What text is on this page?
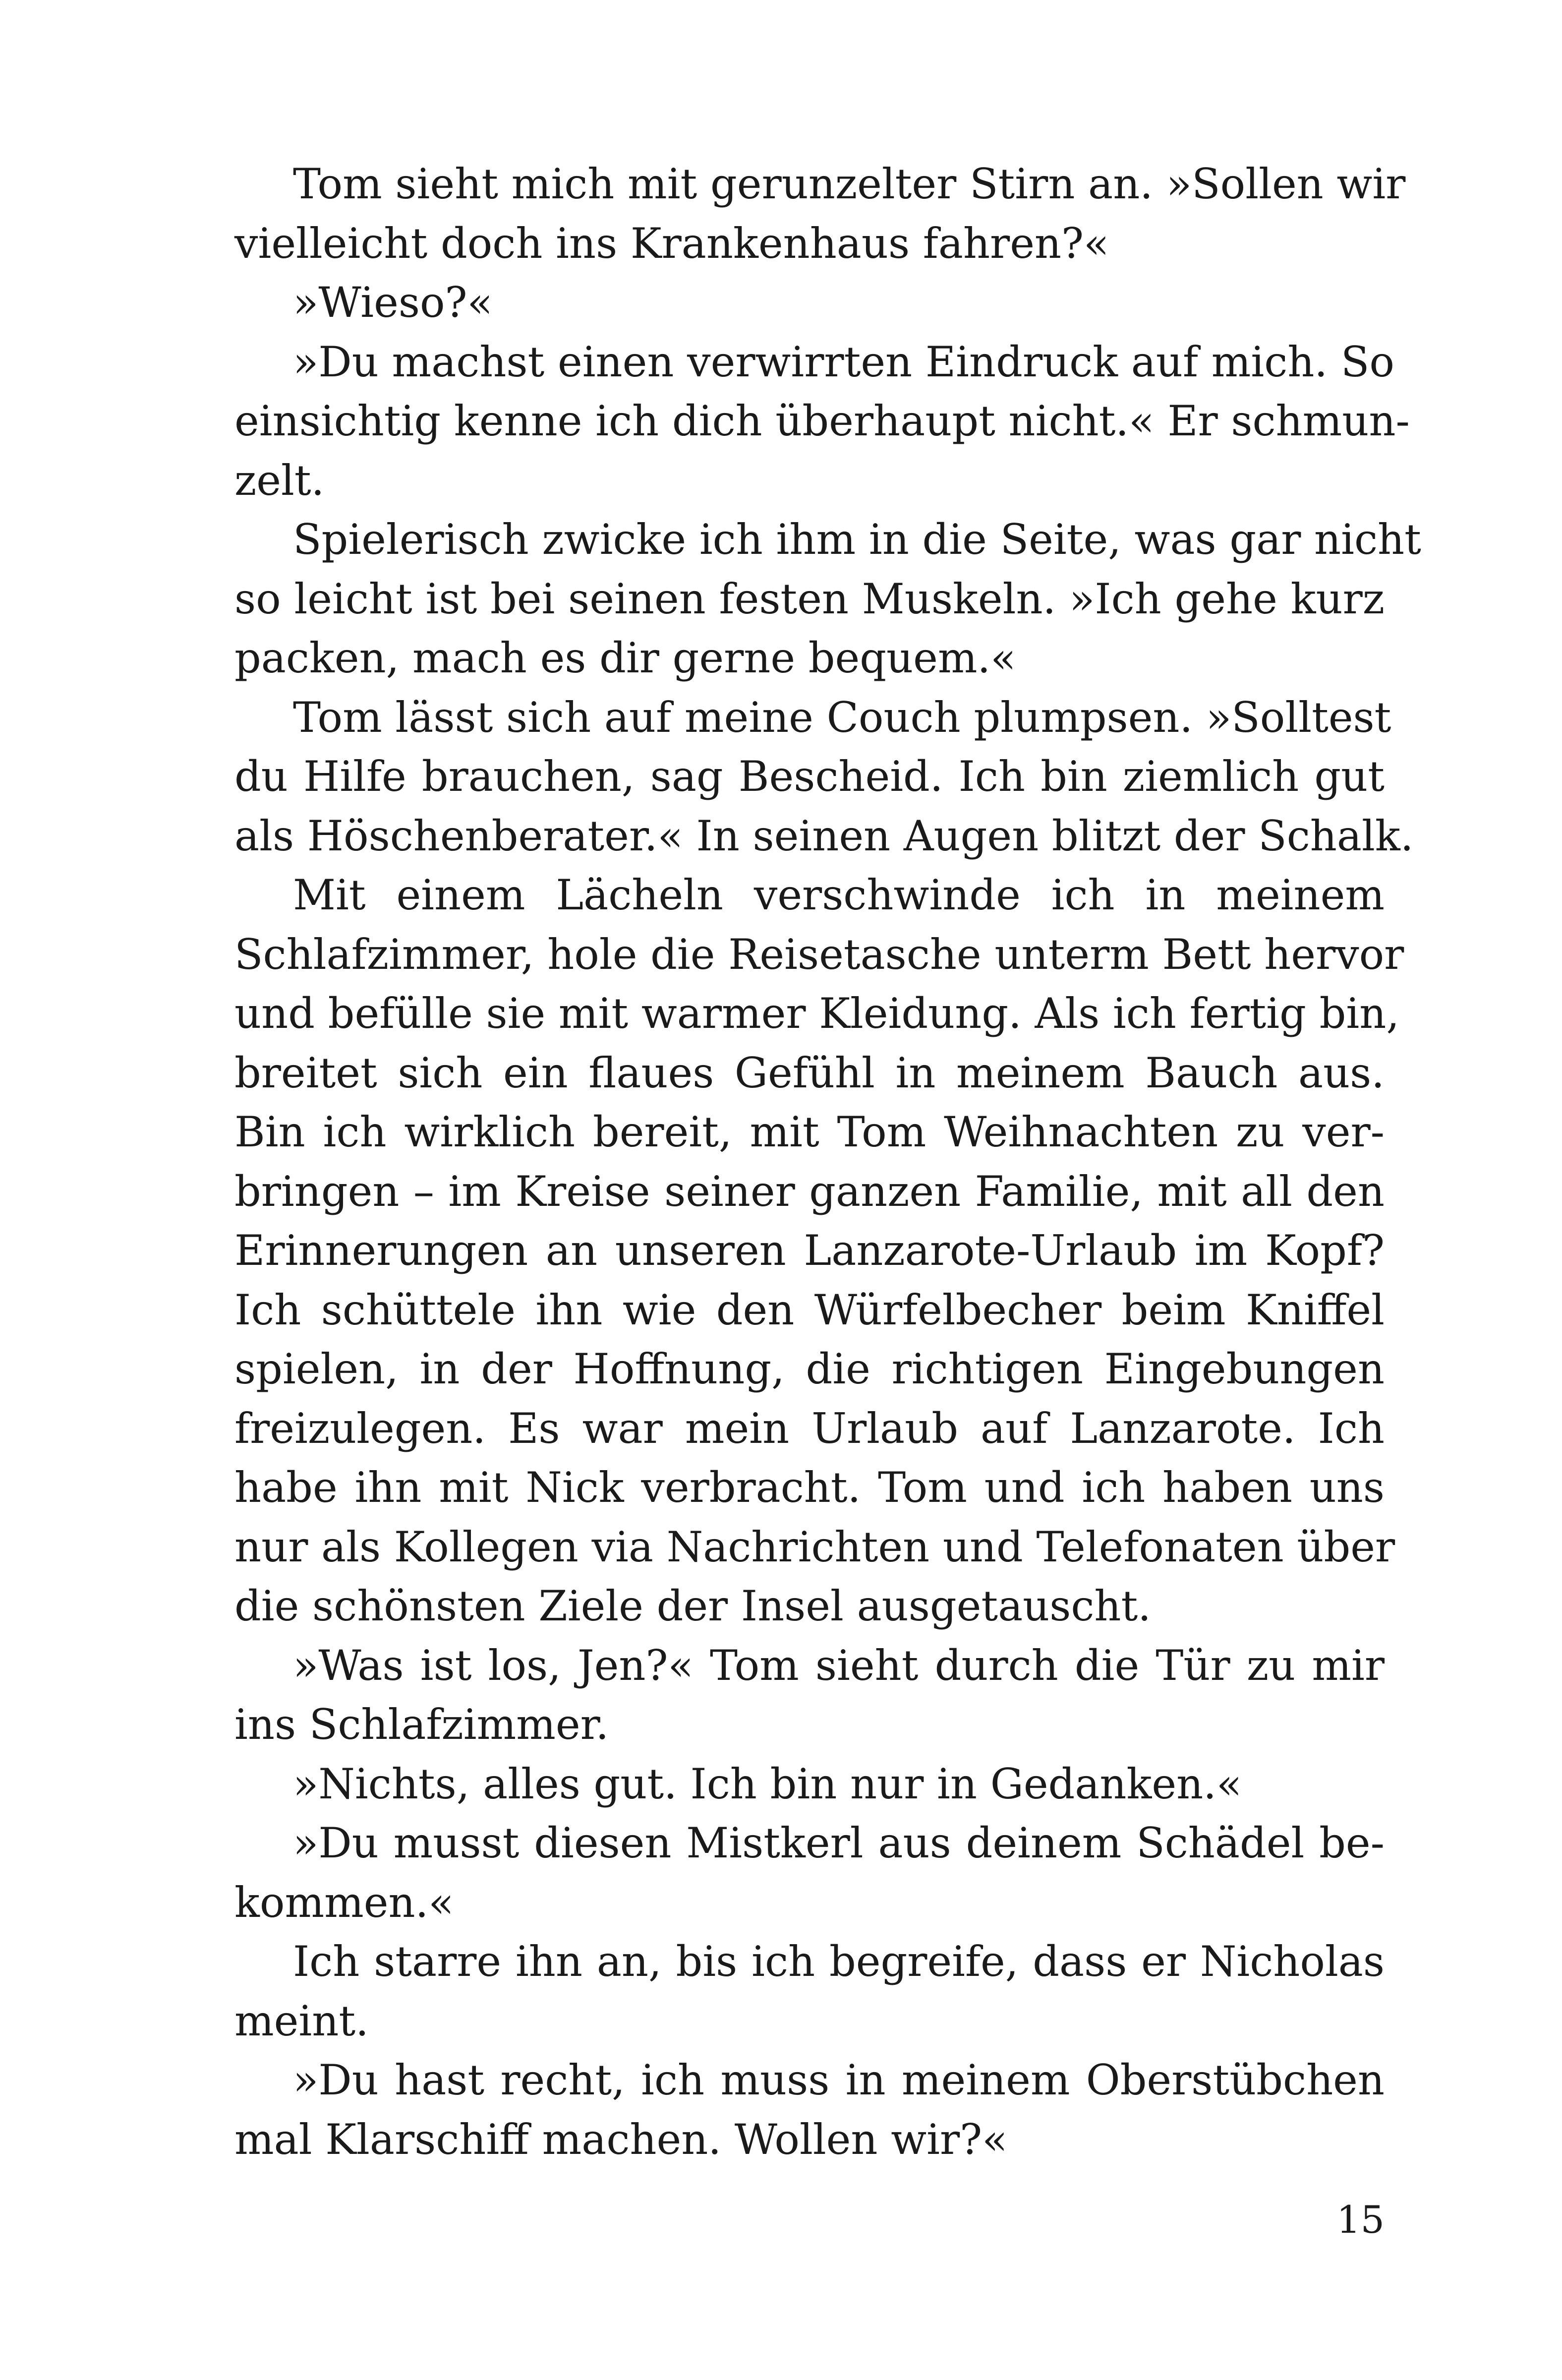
Tom sieht mich mit gerunzelter Stirn an. »Sollen wir
vielleicht doch ins Krankenhaus fahren?«
»Wieso?«
»Du machst einen verwirrten Eindruck auf mich. So
einsichtig kenne ich dich überhaupt nicht.« Er schmun-
zelt.
Spielerisch zwicke ich ihm in die Seite, was gar nicht
so leicht ist bei seinen festen Muskeln. »Ich gehe kurz
packen, mach es dir gerne bequem.«
Tom lässt sich auf meine Couch plumpsen. »Solltest
du Hilfe brauchen, sag Bescheid. Ich bin ziemlich gut
als Höschenberater.« In seinen Augen blitzt der Schalk.
Mit einem Lächeln verschwinde ich in meinem
Schlafzimmer, hole die Reisetasche unterm Bett hervor
und befülle sie mit warmer Kleidung. Als ich fertig bin,
breitet sich ein flaues Gefühl in meinem Bauch aus.
Bin ich wirklich bereit, mit Tom Weihnachten zu ver-
bringen – im Kreise seiner ganzen Familie, mit all den
Erinnerungen an unseren Lanzarote-Urlaub im Kopf?
Ich schüttele ihn wie den Würfelbecher beim Kniffel
spielen, in der Hoffnung, die richtigen Eingebungen
freizulegen. Es war mein Urlaub auf Lanzarote. Ich
habe ihn mit Nick verbracht. Tom und ich haben uns
nur als Kollegen via Nachrichten und Telefonaten über
die schönsten Ziele der Insel ausgetauscht.
»Was ist los, Jen?« Tom sieht durch die Tür zu mir
ins Schlafzimmer.
»Nichts, alles gut. Ich bin nur in Gedanken.«
»Du musst diesen Mistkerl aus deinem Schädel be-
kommen.«
Ich starre ihn an, bis ich begreife, dass er Nicholas
meint.
»Du hast recht, ich muss in meinem Oberstübchen
mal Klarschiff machen. Wollen wir?«
15
